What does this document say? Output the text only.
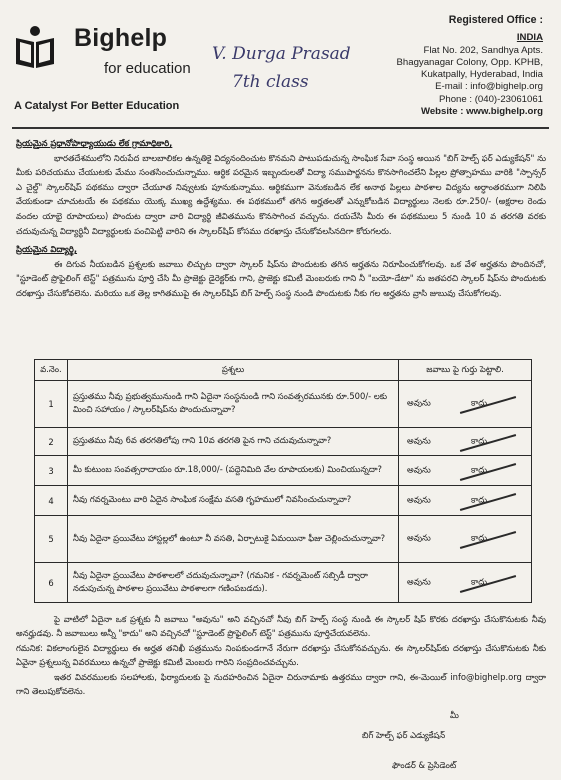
Bighelp
for education
A Catalyst For Better Education
V. Durga Prasad
7th class
Registered Office :
INDIA
Flat No. 202, Sandhya Apts.
Bhagyanagar Colony, Opp. KPHB,
Kukatpally, Hyderabad, India
E-mail : info@bighelp.org
Phone : (040)-23061061
Website : www.bighelp.org
ప్రియమైన ప్రధానోపాధ్యాయుడు లేక గ్రామాధికారి,

భారతదేశములోని నిరుపేద బాలబాలికల ఉన్నతికై విద్యనందించుట కొనమని పాటుపడుచున్న సాంఘిక సేవా సంస్థ అయిన "బిగ్ హెల్ప్ ఫర్ ఎడ్యుకేషన్" ను మీకు పరిచయము చేయుటకు మేము సంతసించుచున్నాము. ఆర్థిక పరమైన ఇబ్బందులతో విద్యా సముపార్జనను కొనసాగించలేని పిల్లల ప్రోత్సాహము వారికి "స్పాన్సర్ ఎ చైల్డ్" స్కాలర్‌షిప్ పథకము ద్వారా చేయూత నివ్వుటకు పూనుకున్నాము. ఆర్థికముగా వెనుకబడిన లేక అనాథ పిల్లలు పాఠశాల విద్యను అర్ధాంతరముగా నిలిపి వేయకుండా చూచుటయే ఈ పథకము యొక్క ముఖ్య ఉద్దేశ్యము. ఈ పథకములో తగిన అర్హతలతో ఎన్నుకోబడిన విద్యార్థులు నెలకు రూ.250/- (అక్షరాల రెండు వందల యాభై రూపాయలు) పొందుట ద్వారా వారి విద్యార్థి జీవితమును కొనసాగించ వచ్చును. దయచేసి మీరు ఈ పథకములు 5 నుండి 10 వ తరగతి వరకు చదువుచున్న విద్యార్థినీ విద్యార్థులకు పంచిపెట్టి వారిని ఈ స్కాలర్‌షిప్ కోసము దరఖాస్తు చేసుకోవలసినదిగా కోరుగలరు.

ప్రియమైన విద్యార్థి,

ఈ దిగువ నీయబడిన ప్రశ్నలకు జవాబు లిచ్చుట ద్వారా స్కాలర్ షిప్‌ను పొందుటకు తగిన అర్హతను నిరూపించుకోగలవు. ఒక వేళ అర్హతను పొందినచో, "స్టూడెంట్ ప్రొఫైలింగ్ టెస్ట్" పత్రమును పూర్తి చేసి మీ ప్రాజెక్టు డైరెక్టర్‌కు గాని, ప్రాజెక్టు కమిటీ మెంబరుకు గాని నీ "బయో-డేటా" ను జతపరచి స్కాలర్ షిప్‌ను పొందుటకు దరఖాస్తు చేసుకోవలెను. మరియు ఒక తెల్ల కాగితముపై ఈ స్కాలర్‌షిప్ బిగ్ హెల్ప్ సంస్థ నుండి పొందుటకు నీకు గల అర్హతను వ్రాసి జుబువు చేసుకోగలవు.

వ.నెం.	ప్రశ్నలు	జవాబు పై గుర్తు పెట్టాలి.
1	ప్రస్తుతము నీవు ప్రభుత్వమునుండి గాని ఏదైనా సంస్థనుండి గాని సంవత్సరమునకు రూ.500/- లకు మించి సహాయం / స్కాలర్‌షిప్‌ను పొందుచున్నావా?	అవును కాదు

2	ప్రస్తుతము నీవు 6వ తరగతిలోపు గాని 10వ తరగతి పైన గాని చదువుచున్నావా?	అవును కాదు

3	మీ కుటుంబ సంవత్సరాదాయం రూ.18,000/- (పద్దెనిమిది వేల రూపాయలకు) మించియున్నదా?	అవును కాదు

4	నీవు గవర్నమెంటు వారి ఏదైన సాంఘిక సంక్షేమ వసతి గృహములో నివసించుచున్నావా?	అవును కాదు

5	నీవు ఏదైనా ప్రయివేటు హాస్టల్లలో ఉంటూ నీ వసతి, ఏర్పాటుకై ఏమయినా ఫీజు చెల్లించుచున్నావా?	అవును కాదు

6	నీవు ఏదైనా ప్రయివేటు పాఠశాలలో చదువుచున్నావా? (గమనిక - గవర్నమెంట్ సబ్సిడీ ద్వారా నడుపుచున్న పాఠశాల ప్రయివేటు పాఠశాలగా గణింపబడదు).	అవును కాదు

పై వాటిలో ఏదైనా ఒక ప్రశ్నకు నీ జవాబు "అవును" అని వచ్చినచో నీవు బిగ్ హెల్ప్ సంస్థ నుండి ఈ స్కాలర్ షిప్ కొరకు దరఖాస్తు చేసుకొనుటకు నీవు అనర్హుడవు. నీ జవాబులు అన్నీ "కాదు" అని వచ్చినచో "స్టూడెంట్ ప్రొఫైలింగ్ టెస్ట్" పత్రమును పూర్తిచేయవలెను.

గమనిక: వికలాంగులైన విద్యార్థులు ఈ అర్హత తనిఖీ పత్రమును నింపకుండగానే నేరుగా దరఖాస్తు చేసుకోనవచ్చును. ఈ స్కాలర్‌షిప్‌కు దరఖాస్తు చేసుకొనుటకు నీకు ఏవైనా ప్రశ్నలున్న వివరములు ఉన్నచో ప్రాజెక్టు కమిటీ మెంబరు గారిని సంప్రదించవచ్చును.

ఇతర వివరములకు సలహాలకు, ఫిర్యాదులకు పై నుదహరించిన ఏదైనా చిరునామాకు ఉత్తరము ద్వారా గాని, ఈ-మెయిల్ info@bighelp.org ద్వారా గాని తెలుపుకోవలెను.

మీ
బిగ్ హెల్ప్ ఫర్ ఎడ్యుకేషన్
ఫౌండర్ & ప్రెసిడెంట్
